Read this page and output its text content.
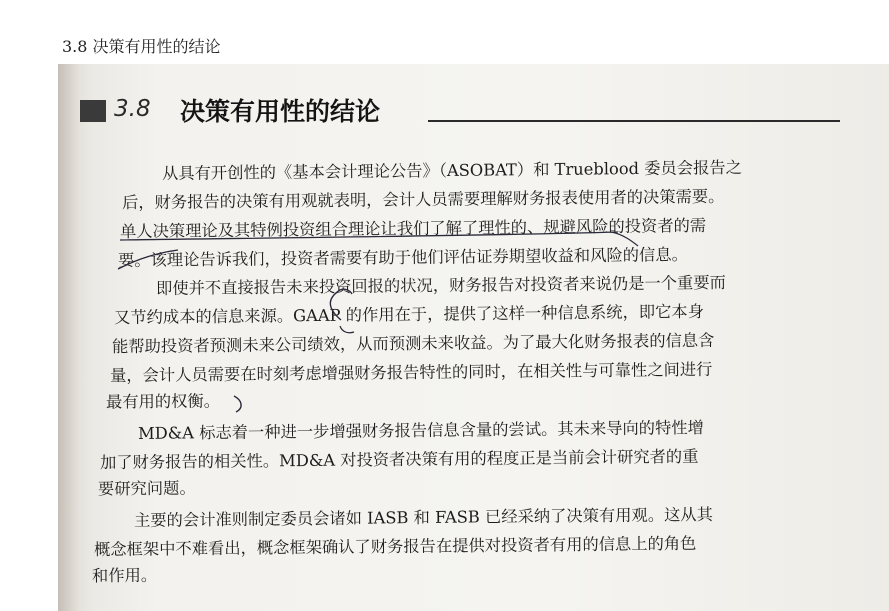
3.8 决策有用性的结论
3.8 决策有用性的结论
从具有开创性的《基本会计理论公告》（ASOBAT）和 Trueblood 委员会报告之
后，财务报告的决策有用观就表明，会计人员需要理解财务报表使用者的决策需要。
单人决策理论及其特例投资组合理论让我们了解了理性的、规避风险的投资者的需
要。该理论告诉我们，投资者需要有助于他们评估证券期望收益和风险的信息。
即使并不直接报告未来投资回报的状况，财务报告对投资者来说仍是一个重要而
又节约成本的信息来源。GAAP 的作用在于，提供了这样一种信息系统，即它本身
能帮助投资者预测未来公司绩效，从而预测未来收益。为了最大化财务报表的信息含
量，会计人员需要在时刻考虑增强财务报告特性的同时，在相关性与可靠性之间进行
最有用的权衡。
MD&A 标志着一种进一步增强财务报告信息含量的尝试。其未来导向的特性增
加了财务报告的相关性。MD&A 对投资者决策有用的程度正是当前会计研究者的重
要研究问题。
主要的会计准则制定委员会诸如 IASB 和 FASB 已经采纳了决策有用观。这从其
概念框架中不难看出，概念框架确认了财务报告在提供对投资者有用的信息上的角色
和作用。
